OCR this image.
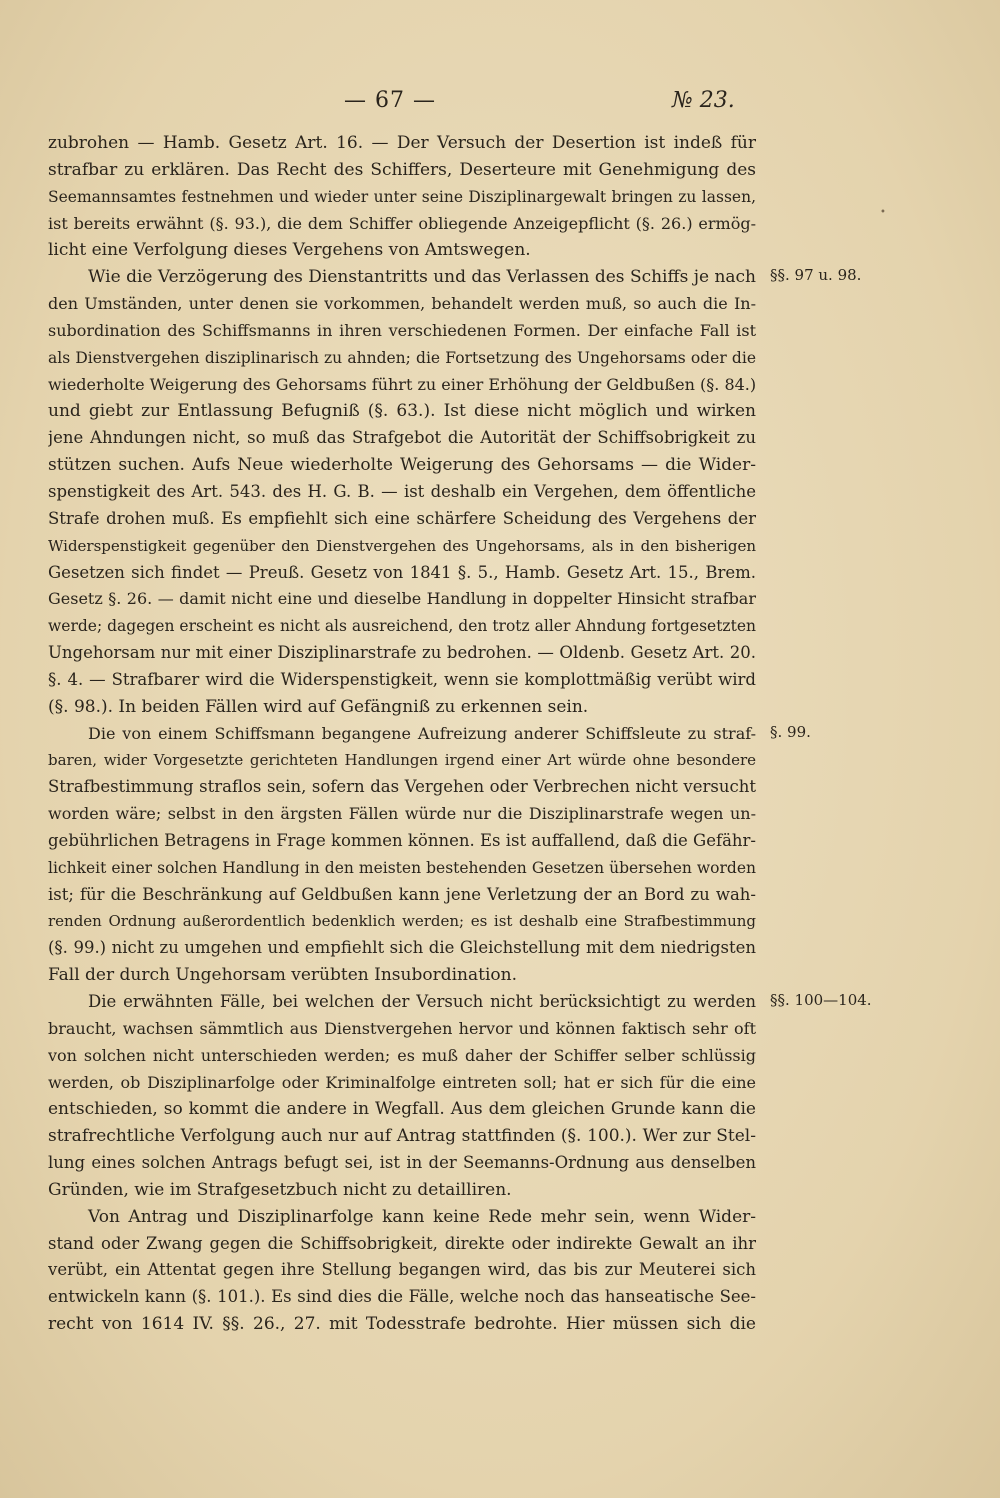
— 67 —	№ 23.
zubrohen — Hamb. Gesetz Art. 16. — Der Versuch der Desertion ist indeß für
strafbar zu erklären. Das Recht des Schiffers, Deserteure mit Genehmigung des
Seemannsamtes festnehmen und wieder unter seine Disziplinargewalt bringen zu lassen,
ist bereits erwähnt (§. 93.), die dem Schiffer obliegende Anzeigepflicht (§. 26.) ermög-
licht eine Verfolgung dieses Vergehens von Amtswegen.
Wie die Verzögerung des Dienstantritts und das Verlassen des Schiffs je nach
den Umständen, unter denen sie vorkommen, behandelt werden muß, so auch die In-
subordination des Schiffsmanns in ihren verschiedenen Formen. Der einfache Fall ist
als Dienstvergehen disziplinarisch zu ahnden; die Fortsetzung des Ungehorsams oder die
wiederholte Weigerung des Gehorsams führt zu einer Erhöhung der Geldbußen (§. 84.)
und giebt zur Entlassung Befugniß (§. 63.). Ist diese nicht möglich und wirken
jene Ahndungen nicht, so muß das Strafgebot die Autorität der Schiffsobrigkeit zu
stützen suchen. Aufs Neue wiederholte Weigerung des Gehorsams — die Wider-
spenstigkeit des Art. 543. des H. G. B. — ist deshalb ein Vergehen, dem öffentliche
Strafe drohen muß. Es empfiehlt sich eine schärfere Scheidung des Vergehens der
Widerspenstigkeit gegenüber den Dienstvergehen des Ungehorsams, als in den bisherigen
Gesetzen sich findet — Preuß. Gesetz von 1841 §. 5., Hamb. Gesetz Art. 15., Brem.
Gesetz §. 26. — damit nicht eine und dieselbe Handlung in doppelter Hinsicht strafbar
werde; dagegen erscheint es nicht als ausreichend, den trotz aller Ahndung fortgesetzten
Ungehorsam nur mit einer Disziplinarstrafe zu bedrohen. — Oldenb. Gesetz Art. 20.
§. 4. — Strafbarer wird die Widerspenstigkeit, wenn sie komplottmäßig verübt wird
(§. 98.). In beiden Fällen wird auf Gefängniß zu erkennen sein.
Die von einem Schiffsmann begangene Aufreizung anderer Schiffsleute zu straf-
baren, wider Vorgesetzte gerichteten Handlungen irgend einer Art würde ohne besondere
Strafbestimmung straflos sein, sofern das Vergehen oder Verbrechen nicht versucht
worden wäre; selbst in den ärgsten Fällen würde nur die Disziplinarstrafe wegen un-
gebührlichen Betragens in Frage kommen können. Es ist auffallend, daß die Gefähr-
lichkeit einer solchen Handlung in den meisten bestehenden Gesetzen übersehen worden
ist; für die Beschränkung auf Geldbußen kann jene Verletzung der an Bord zu wah-
renden Ordnung außerordentlich bedenklich werden; es ist deshalb eine Strafbestimmung
(§. 99.) nicht zu umgehen und empfiehlt sich die Gleichstellung mit dem niedrigsten
Fall der durch Ungehorsam verübten Insubordination.
Die erwähnten Fälle, bei welchen der Versuch nicht berücksichtigt zu werden
braucht, wachsen sämmtlich aus Dienstvergehen hervor und können faktisch sehr oft
von solchen nicht unterschieden werden; es muß daher der Schiffer selber schlüssig
werden, ob Disziplinarfolge oder Kriminalfolge eintreten soll; hat er sich für die eine
entschieden, so kommt die andere in Wegfall. Aus dem gleichen Grunde kann die
strafrechtliche Verfolgung auch nur auf Antrag stattfinden (§. 100.). Wer zur Stel-
lung eines solchen Antrags befugt sei, ist in der Seemanns-Ordnung aus denselben
Gründen, wie im Strafgesetzbuch nicht zu detailliren.
Von Antrag und Disziplinarfolge kann keine Rede mehr sein, wenn Wider-
stand oder Zwang gegen die Schiffsobrigkeit, direkte oder indirekte Gewalt an ihr
verübt, ein Attentat gegen ihre Stellung begangen wird, das bis zur Meuterei sich
entwickeln kann (§. 101.). Es sind dies die Fälle, welche noch das hanseatische See-
recht von 1614 IV. §§. 26., 27. mit Todesstrafe bedrohte. Hier müssen sich die
§§. 97 u. 98.
§. 99.
§§. 100—104.
•
